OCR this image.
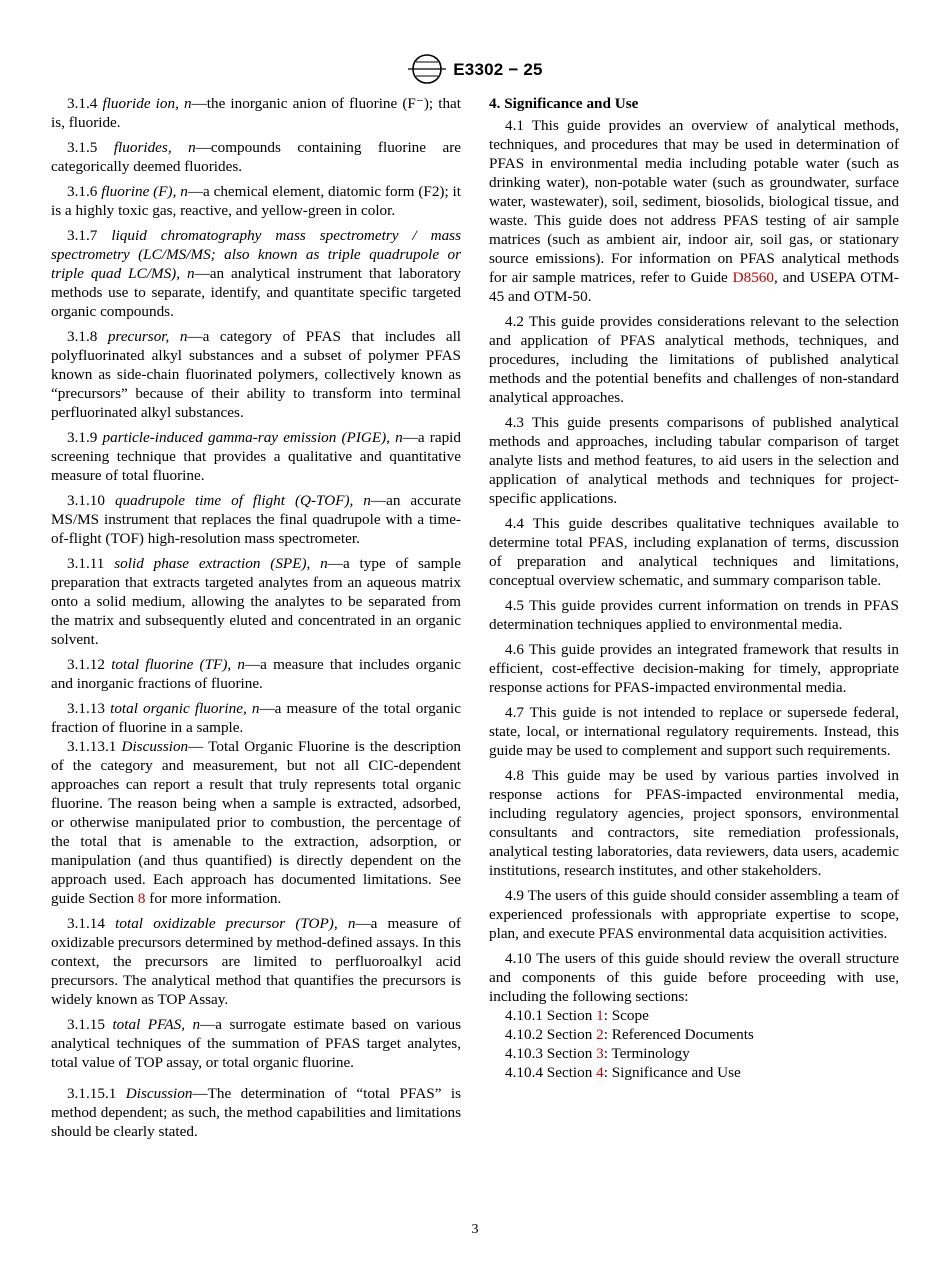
E3302 − 25

3.1.4 fluoride ion, n—the inorganic anion of fluorine (F⁻); that is, fluoride.

3.1.5 fluorides, n—compounds containing fluorine are categorically deemed fluorides.

3.1.6 fluorine (F), n—a chemical element, diatomic form (F2); it is a highly toxic gas, reactive, and yellow-green in color.

3.1.7 liquid chromatography mass spectrometry / mass spectrometry (LC/MS/MS; also known as triple quadrupole or triple quad LC/MS), n—an analytical instrument that laboratory methods use to separate, identify, and quantitate specific targeted organic compounds.

3.1.8 precursor, n—a category of PFAS that includes all polyfluorinated alkyl substances and a subset of polymer PFAS known as side-chain fluorinated polymers, collectively known as “precursors” because of their ability to transform into terminal perfluorinated alkyl substances.

3.1.9 particle-induced gamma-ray emission (PIGE), n—a rapid screening technique that provides a qualitative and quantitative measure of total fluorine.

3.1.10 quadrupole time of flight (Q-TOF), n—an accurate MS/MS instrument that replaces the final quadrupole with a time-of-flight (TOF) high-resolution mass spectrometer.

3.1.11 solid phase extraction (SPE), n—a type of sample preparation that extracts targeted analytes from an aqueous matrix onto a solid medium, allowing the analytes to be separated from the matrix and subsequently eluted and concentrated in an organic solvent.

3.1.12 total fluorine (TF), n—a measure that includes organic and inorganic fractions of fluorine.

3.1.13 total organic fluorine, n—a measure of the total organic fraction of fluorine in a sample.

3.1.13.1 Discussion— Total Organic Fluorine is the description of the category and measurement, but not all CIC-dependent approaches can report a result that truly represents total organic fluorine. The reason being when a sample is extracted, adsorbed, or otherwise manipulated prior to combustion, the percentage of the total that is amenable to the extraction, adsorption, or manipulation (and thus quantified) is directly dependent on the approach used. Each approach has documented limitations. See guide Section 8 for more information.

3.1.14 total oxidizable precursor (TOP), n—a measure of oxidizable precursors determined by method-defined assays. In this context, the precursors are limited to perfluoroalkyl acid precursors. The analytical method that quantifies the precursors is widely known as TOP Assay.

3.1.15 total PFAS, n—a surrogate estimate based on various analytical techniques of the summation of PFAS target analytes, total value of TOP assay, or total organic fluorine.

3.1.15.1 Discussion—The determination of “total PFAS” is method dependent; as such, the method capabilities and limitations should be clearly stated.

4. Significance and Use

4.1 This guide provides an overview of analytical methods, techniques, and procedures that may be used in determination of PFAS in environmental media including potable water (such as drinking water), non-potable water (such as groundwater, surface water, wastewater), soil, sediment, biosolids, biological tissue, and waste. This guide does not address PFAS testing of air sample matrices (such as ambient air, indoor air, soil gas, or stationary source emissions). For information on PFAS analytical methods for air sample matrices, refer to Guide D8560, and USEPA OTM-45 and OTM-50.

4.2 This guide provides considerations relevant to the selection and application of PFAS analytical methods, techniques, and procedures, including the limitations of published analytical methods and the potential benefits and challenges of non-standard analytical approaches.

4.3 This guide presents comparisons of published analytical methods and approaches, including tabular comparison of target analyte lists and method features, to aid users in the selection and application of analytical methods and techniques for project-specific applications.

4.4 This guide describes qualitative techniques available to determine total PFAS, including explanation of terms, discussion of preparation and analytical techniques and limitations, conceptual overview schematic, and summary comparison table.

4.5 This guide provides current information on trends in PFAS determination techniques applied to environmental media.

4.6 This guide provides an integrated framework that results in efficient, cost-effective decision-making for timely, appropriate response actions for PFAS-impacted environmental media.

4.7 This guide is not intended to replace or supersede federal, state, local, or international regulatory requirements. Instead, this guide may be used to complement and support such requirements.

4.8 This guide may be used by various parties involved in response actions for PFAS-impacted environmental media, including regulatory agencies, project sponsors, environmental consultants and contractors, site remediation professionals, analytical testing laboratories, data reviewers, data users, academic institutions, research institutes, and other stakeholders.

4.9 The users of this guide should consider assembling a team of experienced professionals with appropriate expertise to scope, plan, and execute PFAS environmental data acquisition activities.

4.10 The users of this guide should review the overall structure and components of this guide before proceeding with use, including the following sections:

4.10.1 Section 1: Scope

4.10.2 Section 2: Referenced Documents

4.10.3 Section 3: Terminology

4.10.4 Section 4: Significance and Use

3
